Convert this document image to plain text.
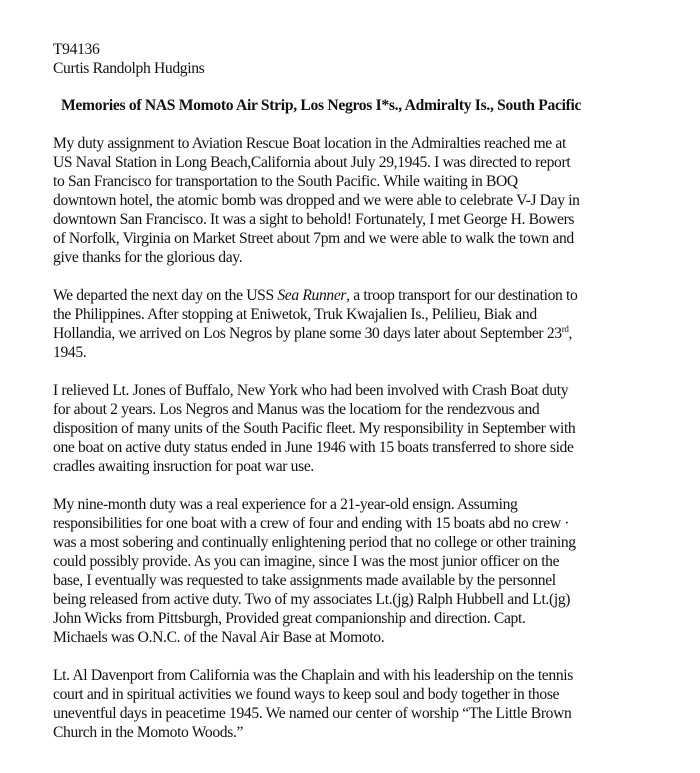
T94136
Curtis Randolph Hudgins
Memories of NAS Momoto Air Strip, Los Negros I*s., Admiralty Is., South Pacific
My duty assignment to Aviation Rescue Boat location in the Admiralties reached me at
US Naval Station in Long Beach,California about July 29,1945. I was directed to report
to San Francisco for transportation to the South Pacific. While waiting in BOQ
downtown hotel, the atomic bomb was dropped and we were able to celebrate V-J Day in
downtown San Francisco. It was a sight to behold! Fortunately, I met George H. Bowers
of Norfolk, Virginia on Market Street about 7pm and we were able to walk the town and
give thanks for the glorious day.
We departed the next day on the USS Sea Runner, a troop transport for our destination to
the Philippines. After stopping at Eniwetok, Truk Kwajalien Is., Pelilieu, Biak and
Hollandia, we arrived on Los Negros by plane some 30 days later about September 23rd,
1945.
I relieved Lt. Jones of Buffalo, New York who had been involved with Crash Boat duty
for about 2 years. Los Negros and Manus was the locatiom for the rendezvous and
disposition of many units of the South Pacific fleet. My responsibility in September with
one boat on active duty status ended in June 1946 with 15 boats transferred to shore side
cradles awaiting insruction for poat war use.
My nine-month duty was a real experience for a 21-year-old ensign. Assuming
responsibilities for one boat with a crew of four and ending with 15 boats abd no crew ·
was a most sobering and continually enlightening period that no college or other training
could possibly provide. As you can imagine, since I was the most junior officer on the
base, I eventually was requested to take assignments made available by the personnel
being released from active duty. Two of my associates Lt.(jg) Ralph Hubbell and Lt.(jg)
John Wicks from Pittsburgh, Provided great companionship and direction. Capt.
Michaels was O.N.C. of the Naval Air Base at Momoto.
Lt. Al Davenport from California was the Chaplain and with his leadership on the tennis
court and in spiritual activities we found ways to keep soul and body together in those
uneventful days in peacetime 1945. We named our center of worship “The Little Brown
Church in the Momoto Woods.”
